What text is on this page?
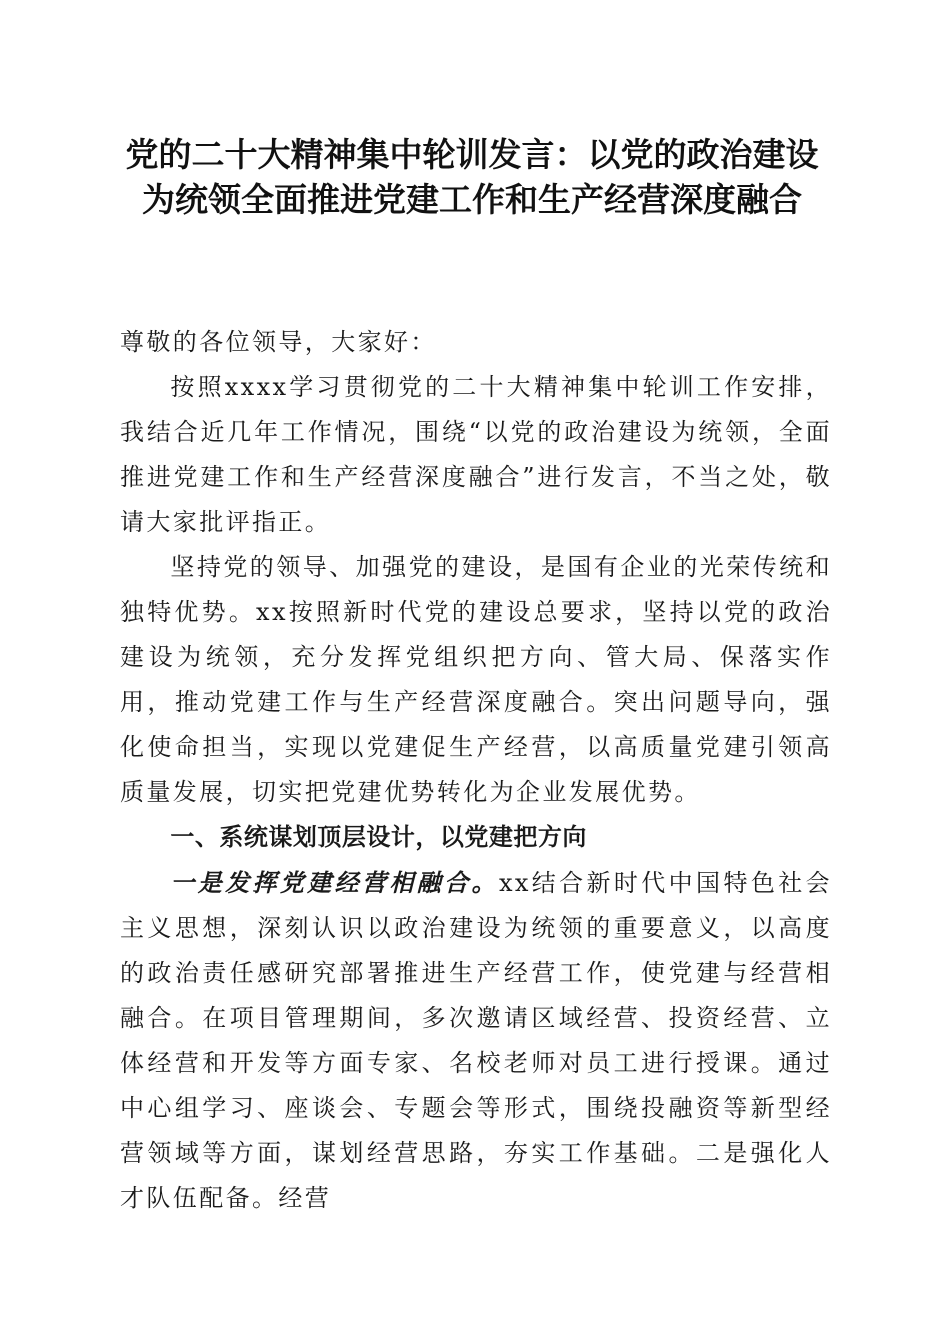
党的二十大精神集中轮训发言：以党的政治建设为统领全面推进党建工作和生产经营深度融合

尊敬的各位领导，大家好：

按照xxxx学习贯彻党的二十大精神集中轮训工作安排，我结合近几年工作情况，围绕“以党的政治建设为统领，全面推进党建工作和生产经营深度融合”进行发言，不当之处，敬请大家批评指正。

坚持党的领导、加强党的建设，是国有企业的光荣传统和独特优势。xx按照新时代党的建设总要求，坚持以党的政治建设为统领，充分发挥党组织把方向、管大局、保落实作用，推动党建工作与生产经营深度融合。突出问题导向，强化使命担当，实现以党建促生产经营，以高质量党建引领高质量发展，切实把党建优势转化为企业发展优势。

一、系统谋划顶层设计，以党建把方向

一是发挥党建经营相融合。xx结合新时代中国特色社会主义思想，深刻认识以政治建设为统领的重要意义，以高度的政治责任感研究部署推进生产经营工作，使党建与经营相融合。在项目管理期间，多次邀请区域经营、投资经营、立体经营和开发等方面专家、名校老师对员工进行授课。通过中心组学习、座谈会、专题会等形式，围绕投融资等新型经营领域等方面，谋划经营思路，夯实工作基础。二是强化人才队伍配备。经营
